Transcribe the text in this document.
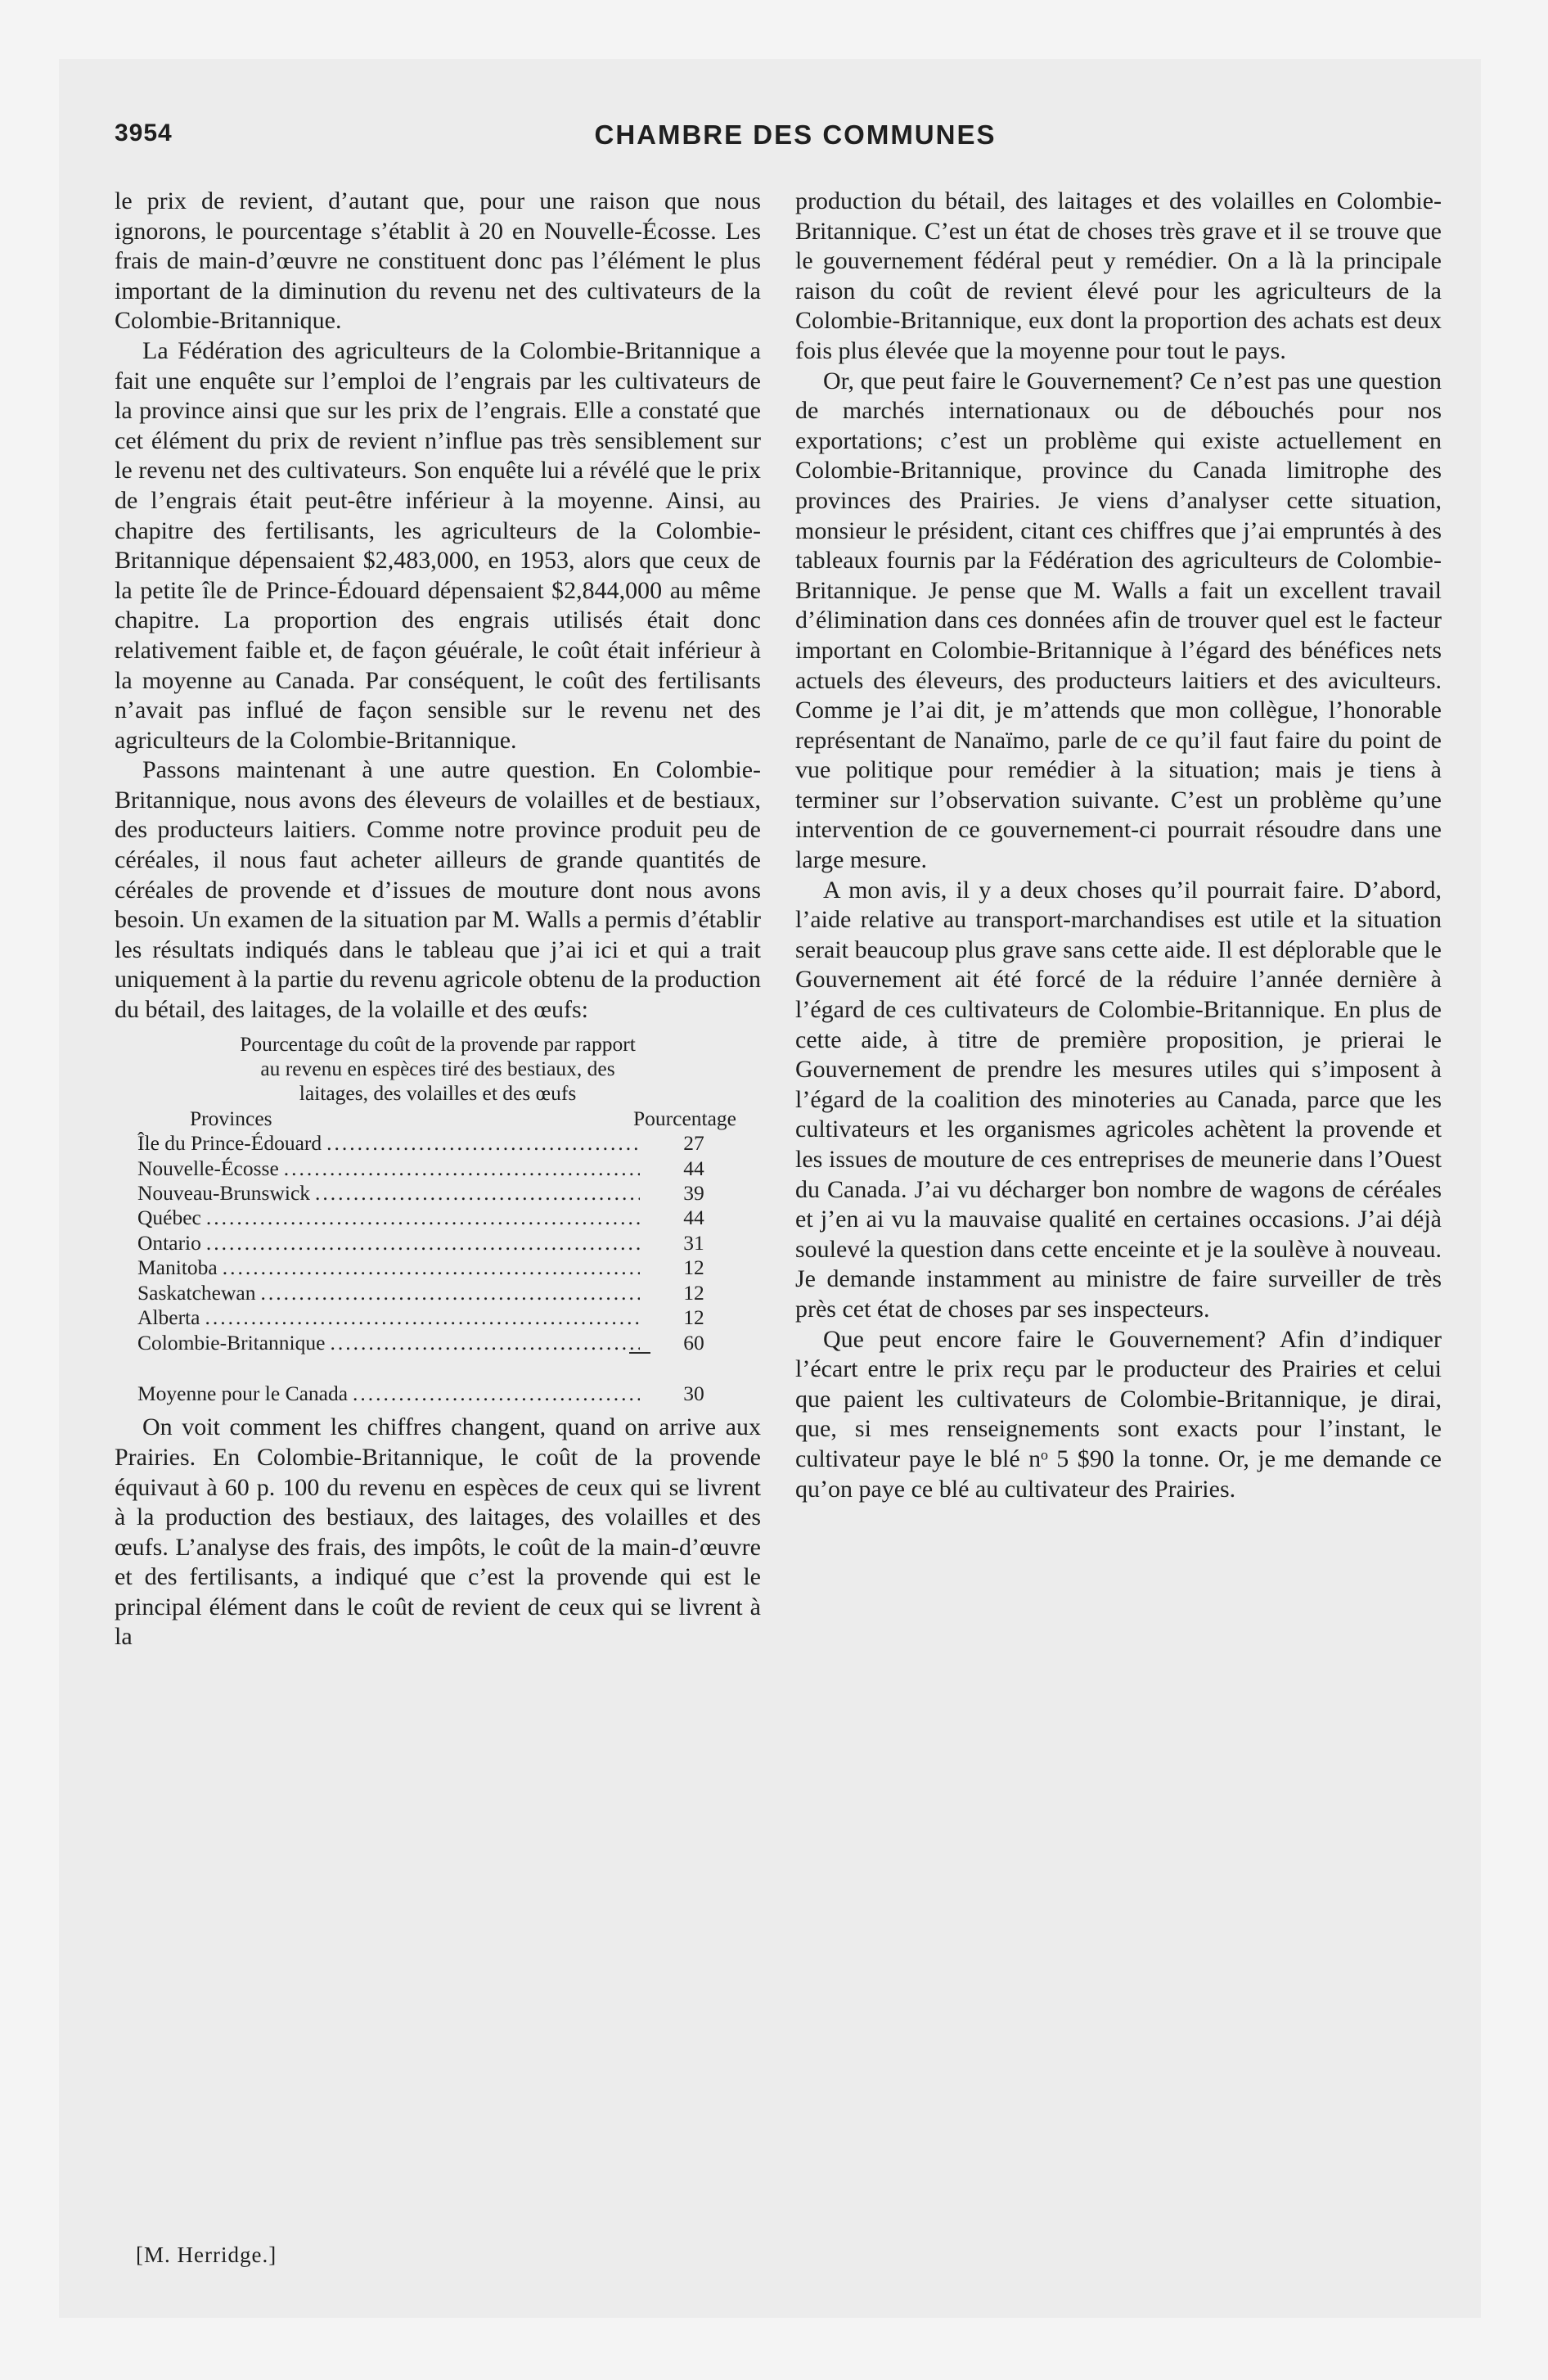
3954	CHAMBRE DES COMMUNES

le prix de revient, d’autant que, pour une raison que nous ignorons, le pourcentage s’établit à 20 en Nouvelle-Écosse. Les frais de main-d’œuvre ne constituent donc pas l’élément le plus important de la diminution du revenu net des cultivateurs de la Colombie-Britannique.

La Fédération des agriculteurs de la Colombie-Britannique a fait une enquête sur l’emploi de l’engrais par les cultivateurs de la province ainsi que sur les prix de l’engrais. Elle a constaté que cet élément du prix de revient n’influe pas très sensiblement sur le revenu net des cultivateurs. Son enquête lui a révélé que le prix de l’engrais était peut-être inférieur à la moyenne. Ainsi, au chapitre des fertilisants, les agriculteurs de la Colombie-Britannique dépensaient $2,483,000, en 1953, alors que ceux de la petite île de Prince-Édouard dépensaient $2,844,000 au même chapitre. La proportion des engrais utilisés était donc relativement faible et, de façon géuérale, le coût était inférieur à la moyenne au Canada. Par conséquent, le coût des fertilisants n’avait pas influé de façon sensible sur le revenu net des agriculteurs de la Colombie-Britannique.

Passons maintenant à une autre question. En Colombie-Britannique, nous avons des éleveurs de volailles et de bestiaux, des producteurs laitiers. Comme notre province produit peu de céréales, il nous faut acheter ailleurs de grande quantités de céréales de provende et d’issues de mouture dont nous avons besoin. Un examen de la situation par M. Walls a permis d’établir les résultats indiqués dans le tableau que j’ai ici et qui a trait uniquement à la partie du revenu agricole obtenu de la production du bétail, des laitages, de la volaille et des œufs:

Pourcentage du coût de la provende par rapport
au revenu en espèces tiré des bestiaux, des
laitages, des volailles et des œufs
Provinces	Pourcentage
Île du Prince-Édouard .....	27
Nouvelle-Écosse .....	44
Nouveau-Brunswick .....	39
Québec .....	44
Ontario .....	31
Manitoba .....	12
Saskatchewan .....	12
Alberta .....	12
Colombie-Britannique .....	60
Moyenne pour le Canada .....	30

On voit comment les chiffres changent, quand on arrive aux Prairies. En Colombie-Britannique, le coût de la provende équivaut à 60 p. 100 du revenu en espèces de ceux qui se livrent à la production des bestiaux, des laitages, des volailles et des œufs. L’analyse des frais, des impôts, le coût de la main-d’œuvre et des fertilisants, a indiqué que c’est la provende qui est le principal élément dans le coût de revient de ceux qui se livrent à la

production du bétail, des laitages et des volailles en Colombie-Britannique. C’est un état de choses très grave et il se trouve que le gouvernement fédéral peut y remédier. On a là la principale raison du coût de revient élevé pour les agriculteurs de la Colombie-Britannique, eux dont la proportion des achats est deux fois plus élevée que la moyenne pour tout le pays.

Or, que peut faire le Gouvernement? Ce n’est pas une question de marchés internationaux ou de débouchés pour nos exportations; c’est un problème qui existe actuellement en Colombie-Britannique, province du Canada limitrophe des provinces des Prairies. Je viens d’analyser cette situation, monsieur le président, citant ces chiffres que j’ai empruntés à des tableaux fournis par la Fédération des agriculteurs de Colombie-Britannique. Je pense que M. Walls a fait un excellent travail d’élimination dans ces données afin de trouver quel est le facteur important en Colombie-Britannique à l’égard des bénéfices nets actuels des éleveurs, des producteurs laitiers et des aviculteurs. Comme je l’ai dit, je m’attends que mon collègue, l’honorable représentant de Nanaïmo, parle de ce qu’il faut faire du point de vue politique pour remédier à la situation; mais je tiens à terminer sur l’observation suivante. C’est un problème qu’une intervention de ce gouvernement-ci pourrait résoudre dans une large mesure.

A mon avis, il y a deux choses qu’il pourrait faire. D’abord, l’aide relative au transport-marchandises est utile et la situation serait beaucoup plus grave sans cette aide. Il est déplorable que le Gouvernement ait été forcé de la réduire l’année dernière à l’égard de ces cultivateurs de Colombie-Britannique. En plus de cette aide, à titre de première proposition, je prierai le Gouvernement de prendre les mesures utiles qui s’imposent à l’égard de la coalition des minoteries au Canada, parce que les cultivateurs et les organismes agricoles achètent la provende et les issues de mouture de ces entreprises de meunerie dans l’Ouest du Canada. J’ai vu décharger bon nombre de wagons de céréales et j’en ai vu la mauvaise qualité en certaines occasions. J’ai déjà soulevé la question dans cette enceinte et je la soulève à nouveau. Je demande instamment au ministre de faire surveiller de très près cet état de choses par ses inspecteurs.

Que peut encore faire le Gouvernement? Afin d’indiquer l’écart entre le prix reçu par le producteur des Prairies et celui que paient les cultivateurs de Colombie-Britannique, je dirai, que, si mes renseignements sont exacts pour l’instant, le cultivateur paye le blé nᵒ 5 $90 la tonne. Or, je me demande ce qu’on paye ce blé au cultivateur des Prairies.

[M. Herridge.]
